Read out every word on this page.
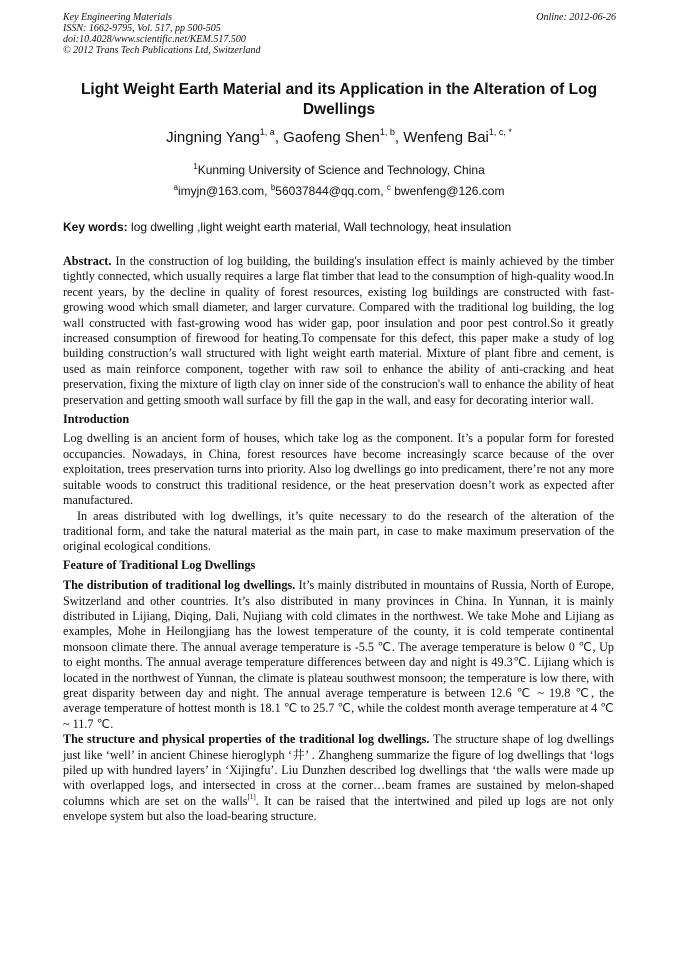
Key Engineering Materials
ISSN: 1662-9795, Vol. 517, pp 500-505
doi:10.4028/www.scientific.net/KEM.517.500
© 2012 Trans Tech Publications Ltd, Switzerland
Online: 2012-06-26
Light Weight Earth Material and its Application in the Alteration of Log Dwellings
Jingning Yang$^{1, a}$, Gaofeng Shen$^{1, b}$, Wenfeng Bai$^{1, c, *}$
$^1$Kunming University of Science and Technology, China
$^a$imyjn@163.com, $^b$56037844@qq.com, $^c$ bwenfeng@126.com
Key words: log dwelling ,light weight earth material, Wall technology, heat insulation

Abstract. In the construction of log building, the building's insulation effect is mainly achieved by the timber tightly connected, which usually requires a large flat timber that lead to the consumption of high-quality wood.In recent years, by the decline in quality of forest resources, existing log buildings are constructed with fast-growing wood which small diameter, and larger curvature. Compared with the traditional log building, the log wall constructed with fast-growing wood has wider gap, poor insulation and poor pest control.So it greatly increased consumption of firewood for heating.To compensate for this defect, this paper make a study of log building construction’s wall structured with light weight earth material. Mixture of plant fibre and cement, is used as main reinforce component, together with raw soil to enhance the ability of anti-cracking and heat preservation, fixing the mixture of ligth clay on inner side of the construcion's wall to enhance the ability of heat preservation and getting smooth wall surface by fill the gap in the wall, and easy for decorating interior wall.

Introduction

Log dwelling is an ancient form of houses, which take log as the component. It’s a popular form for forested occupancies. Nowadays, in China, forest resources have become increasingly scarce because of the over exploitation, trees preservation turns into priority. Also log dwellings go into predicament, there’re not any more suitable woods to construct this traditional residence, or the heat preservation doesn’t work as expected after manufactured.

In areas distributed with log dwellings, it’s quite necessary to do the research of the alteration of the traditional form, and take the natural material as the main part, in case to make maximum preservation of the original ecological conditions.

Feature of Traditional Log Dwellings

The distribution of traditional log dwellings. It’s mainly distributed in mountains of Russia, North of Europe, Switzerland and other countries. It’s also distributed in many provinces in China. In Yunnan, it is mainly distributed in Lijiang, Diqing, Dali, Nujiang with cold climates in the northwest. We take Mohe and Lijiang as examples, Mohe in Heilongjiang has the lowest temperature of the county, it is cold temperate continental monsoon climate there. The annual average temperature is -5.5 ℃. The average temperature is below 0 ℃, Up to eight months. The annual average temperature differences between day and night is 49.3℃. Lijiang which is located in the northwest of Yunnan, the climate is plateau southwest monsoon; the temperature is low there, with great disparity between day and night. The annual average temperature is between 12.6 ℃ ~ 19.8 ℃, the average temperature of hottest month is 18.1 ℃ to 25.7 ℃, while the coldest month average temperature at 4 ℃ ~ 11.7 ℃.

The structure and physical properties of the traditional log dwellings. The structure shape of log dwellings just like ‘well’ in ancient Chinese hieroglyph ‘井’ . Zhangheng summarize the figure of log dwellings that ‘logs piled up with hundred layers’ in ‘Xijingfu’. Liu Dunzhen described log dwellings that ‘the walls were made up with overlapped logs, and intersected in cross at the corner…beam frames are sustained by melon-shaped columns which are set on the walls[1]. It can be raised that the intertwined and piled up logs are not only envelope system but also the load-bearing structure.
